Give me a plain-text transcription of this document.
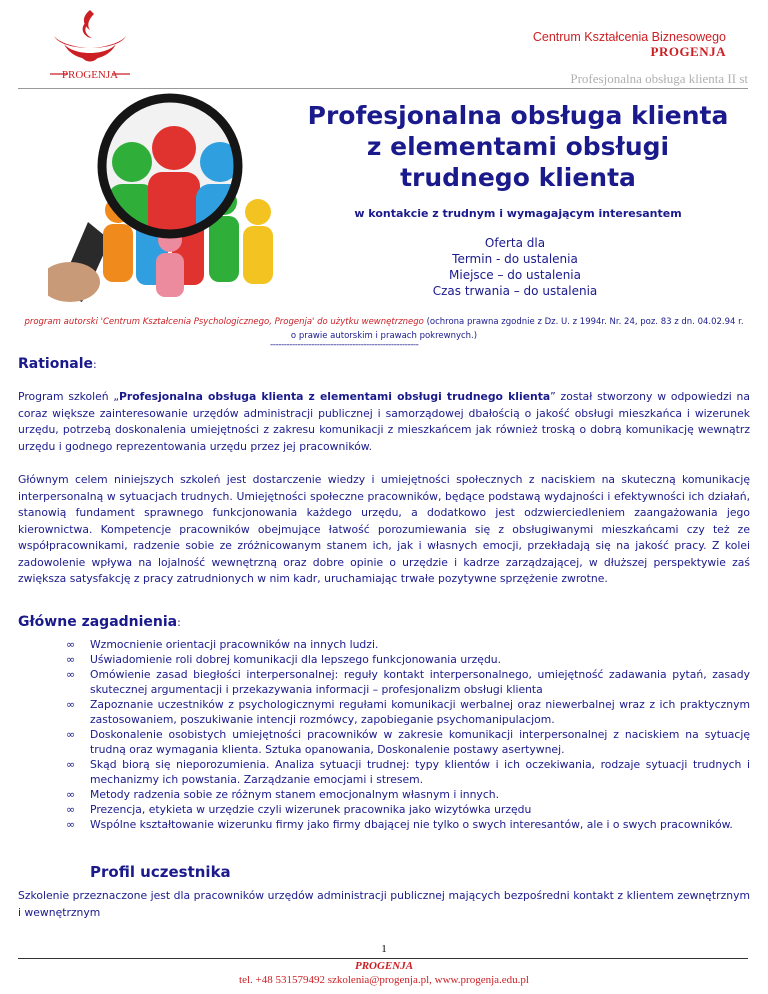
PROGENJA
Centrum Kształcenia Biznesowego
PROGENJA
Profesjonalna obsługa klienta II st
Profesjonalna obsługa klienta z elementami obsługi trudnego klienta
w kontakcie z trudnym i wymagającym interesantem
Oferta dla
Termin - do ustalenia
Miejsce – do ustalenia
Czas trwania – do ustalenia
program autorski 'Centrum Kształcenia Psychologicznego, Progenja' do użytku wewnętrznego (ochrona prawna zgodnie z Dz. U. z 1994r. Nr. 24, poz. 83 z dn. 04.02.94 r. o prawie autorskim i prawach pokrewnych.)
------------------------------------------------------
Rationale:
Program szkoleń „Profesjonalna obsługa klienta z elementami obsługi trudnego klienta” został stworzony w odpowiedzi na coraz większe zainteresowanie urzędów administracji publicznej i samorządowej dbałością o jakość obsługi mieszkańca i wizerunek urzędu, potrzebą doskonalenia umiejętności z zakresu komunikacji z mieszkańcem jak również troską o dobrą komunikację wewnątrz urzędu i godnego reprezentowania urzędu przez jej pracowników.
Głównym celem niniejszych szkoleń jest dostarczenie wiedzy i umiejętności społecznych z naciskiem na skuteczną komunikację interpersonalną w sytuacjach trudnych. Umiejętności społeczne pracowników, będące podstawą wydajności i efektywności ich działań, stanowią fundament sprawnego funkcjonowania każdego urzędu, a dodatkowo jest odzwierciedleniem zaangażowania jego kierownictwa. Kompetencje pracowników obejmujące łatwość porozumiewania się z obsługiwanymi mieszkańcami czy też ze współpracownikami, radzenie sobie ze zróżnicowanym stanem ich, jak i własnych emocji, przekładają się na jakość pracy. Z kolei zadowolenie wpływa na lojalność wewnętrzną oraz dobre opinie o urzędzie i kadrze zarządzającej, w dłuższej perspektywie zaś zwiększa satysfakcję z pracy zatrudnionych w nim kadr, uruchamiając trwałe pozytywne sprzężenie zwrotne.
Główne zagadnienia:
∞ Wzmocnienie orientacji pracowników na innych ludzi.
∞ Uświadomienie roli dobrej komunikacji dla lepszego funkcjonowania urzędu.
∞ Omówienie zasad biegłości interpersonalnej: reguły kontakt interpersonalnego, umiejętność zadawania pytań, zasady skutecznej argumentacji i przekazywania informacji – profesjonalizm obsługi klienta
∞ Zapoznanie uczestników z psychologicznymi regułami komunikacji werbalnej oraz niewerbalnej wraz z ich praktycznym zastosowaniem, poszukiwanie intencji rozmówcy, zapobieganie psychomanipulacjom.
∞ Doskonalenie osobistych umiejętności pracowników w zakresie komunikacji interpersonalnej z naciskiem na sytuację trudną oraz wymagania klienta. Sztuka opanowania, Doskonalenie postawy asertywnej.
∞ Skąd biorą się nieporozumienia. Analiza sytuacji trudnej: typy klientów i ich oczekiwania, rodzaje sytuacji trudnych i mechanizmy ich powstania. Zarządzanie emocjami i stresem.
∞ Metody radzenia sobie ze różnym stanem emocjonalnym własnym i innych.
∞ Prezencja, etykieta w urzędzie czyli wizerunek pracownika jako wizytówka urzędu
∞ Wspólne kształtowanie wizerunku firmy jako firmy dbającej nie tylko o swych interesantów, ale i o swych pracowników.
Profil uczestnika
Szkolenie przeznaczone jest dla pracowników urzędów administracji publicznej mających bezpośredni kontakt z klientem zewnętrznym i wewnętrznym
1
PROGENJA
tel. +48 531579492 szkolenia@progenja.pl, www.progenja.edu.pl
